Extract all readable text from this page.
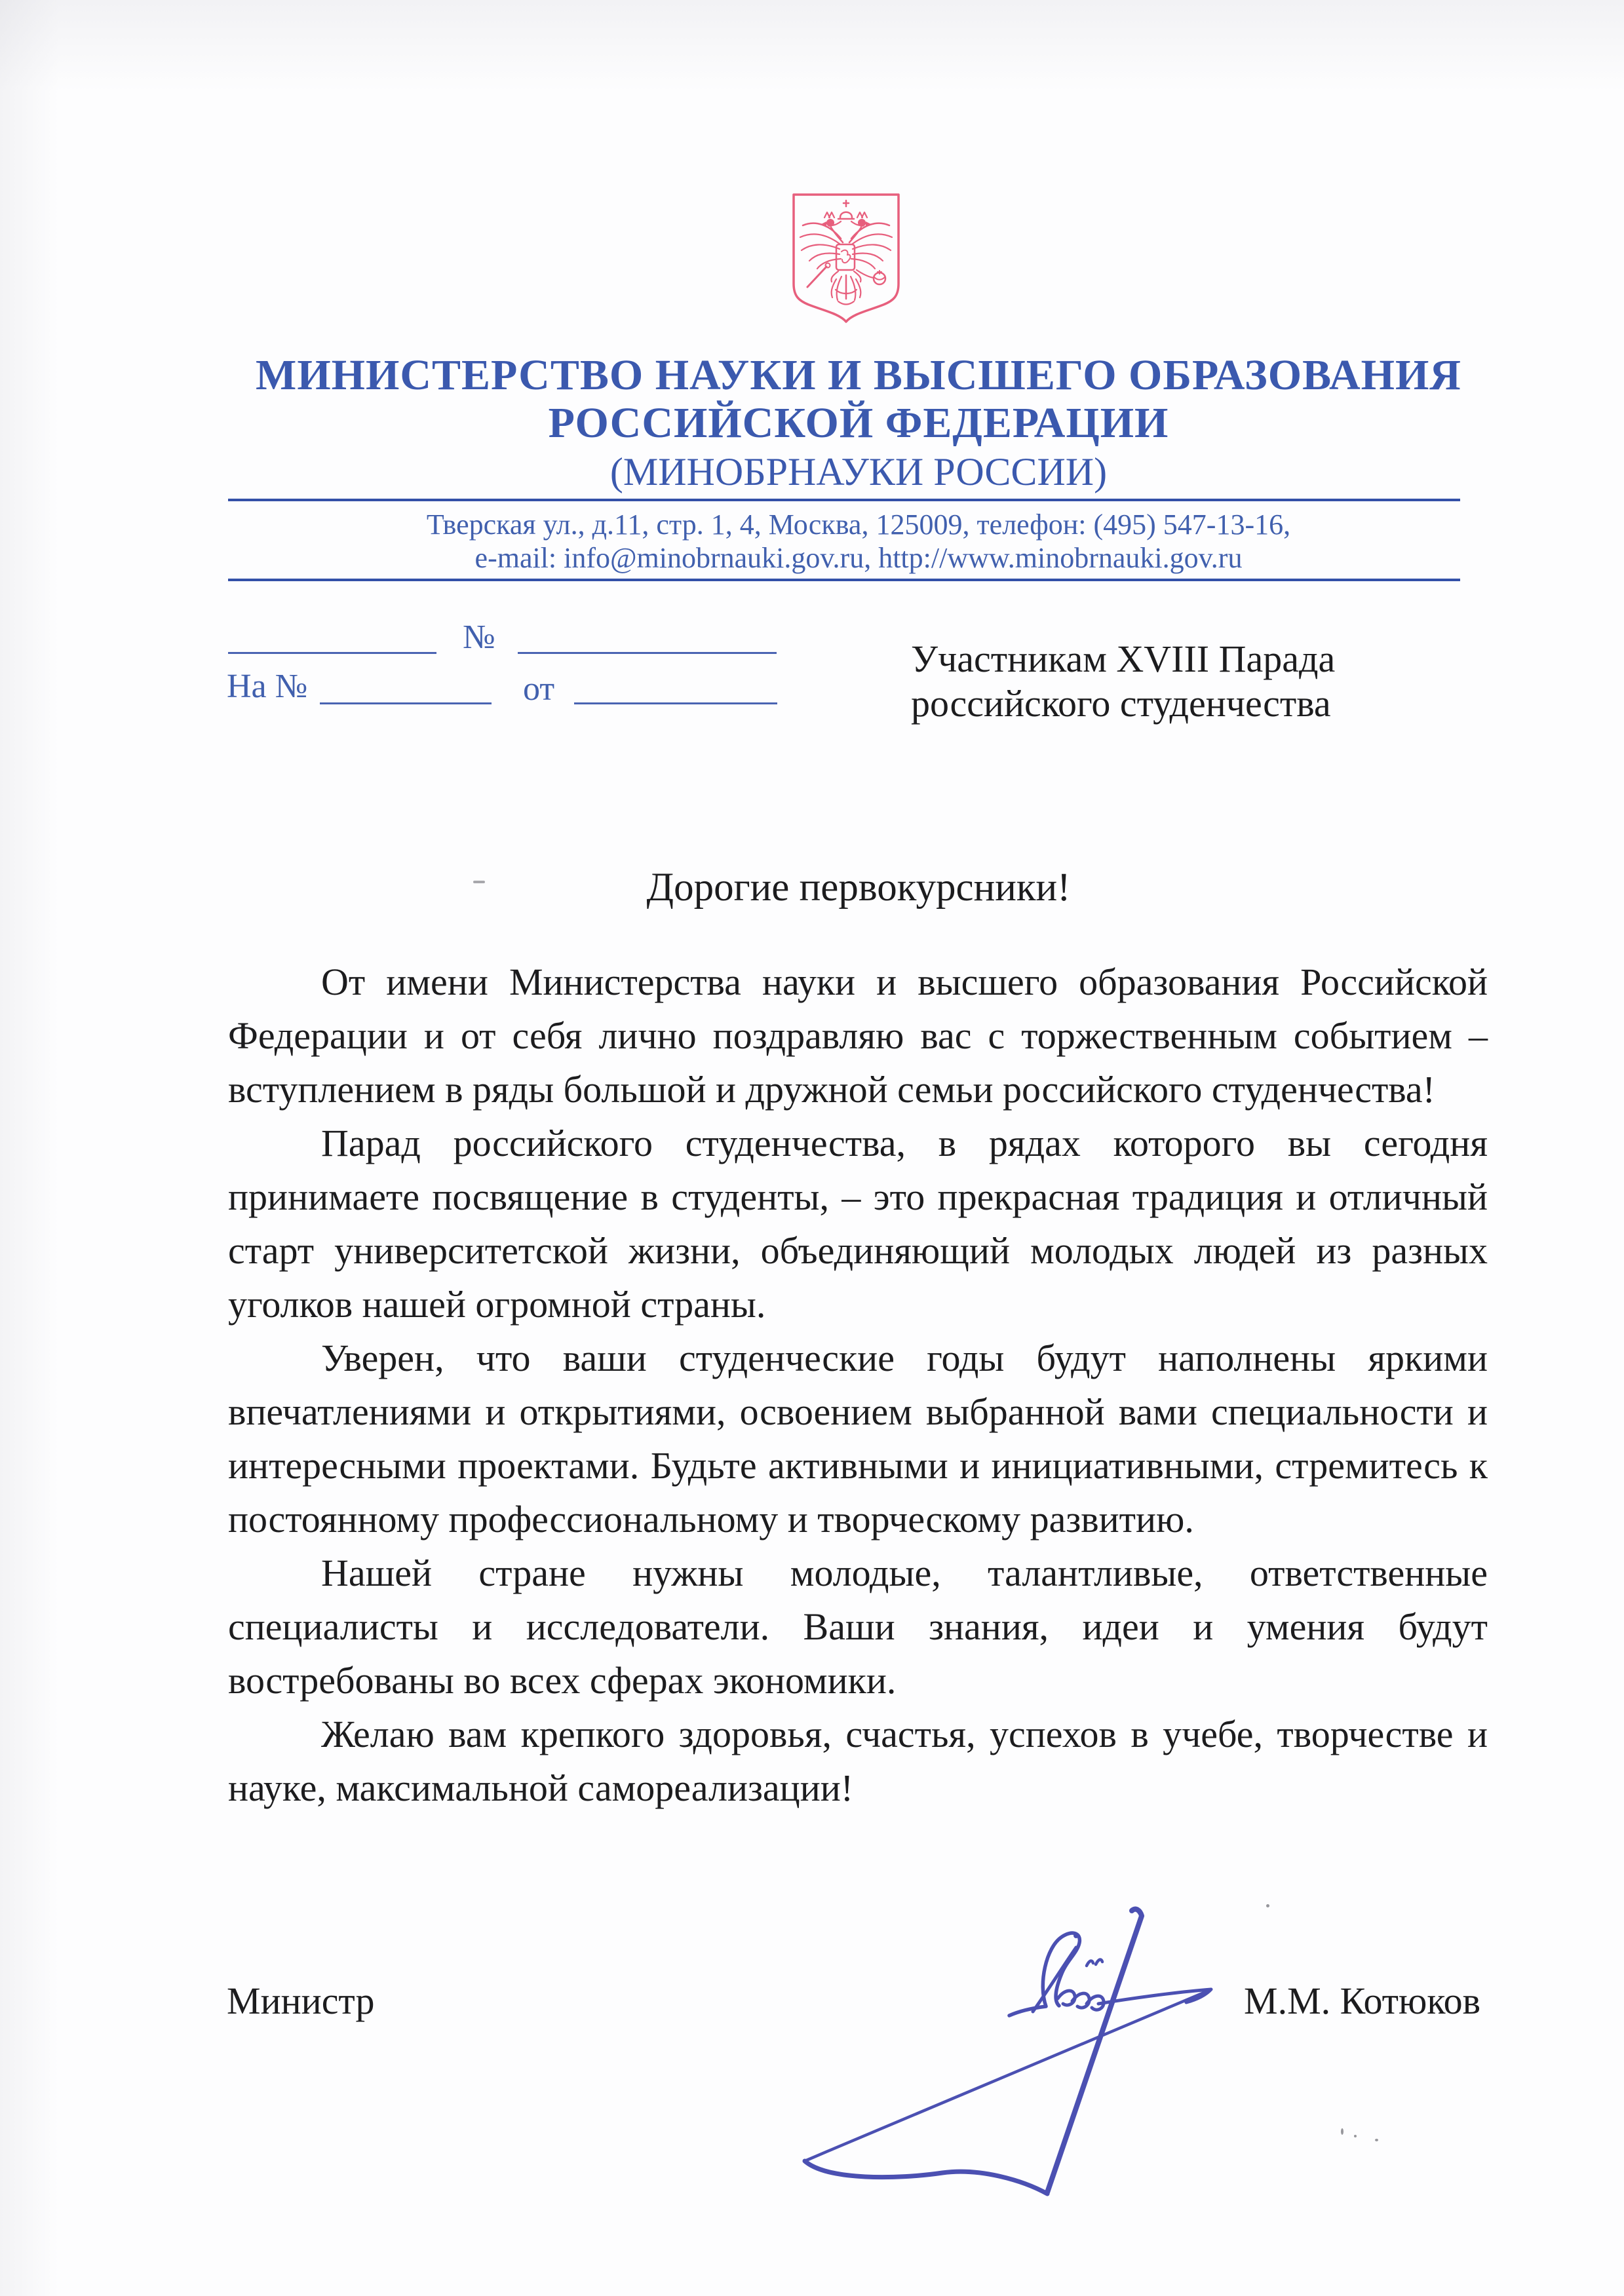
МИНИСТЕРСТВО НАУКИ И ВЫСШЕГО ОБРАЗОВАНИЯ
РОССИЙСКОЙ ФЕДЕРАЦИИ
(МИНОБРНАУКИ РОССИИ)
Тверская ул., д.11, стр. 1, 4, Москва, 125009, телефон: (495) 547-13-16,
e-mail: info@minobrnauki.gov.ru, http://www.minobrnauki.gov.ru
№
На №	от
Участникам XVIII Парада
российского студенчества
Дорогие первокурсники!

От имени Министерства науки и высшего образования Российской Федерации и от себя лично поздравляю вас с торжественным событием – вступлением в ряды большой и дружной семьи российского студенчества!

Парад российского студенчества, в рядах которого вы сегодня принимаете посвящение в студенты, – это прекрасная традиция и отличный старт университетской жизни, объединяющий молодых людей из разных уголков нашей огромной страны.

Уверен, что ваши студенческие годы будут наполнены яркими впечатлениями и открытиями, освоением выбранной вами специальности и интересными проектами. Будьте активными и инициативными, стремитесь к постоянному профессиональному и творческому развитию.

Нашей стране нужны молодые, талантливые, ответственные специалисты и исследователи. Ваши знания, идеи и умения будут востребованы во всех сферах экономики.

Желаю вам крепкого здоровья, счастья, успехов в учебе, творчестве и науке, максимальной самореализации!

Министр	М.М. Котюков
